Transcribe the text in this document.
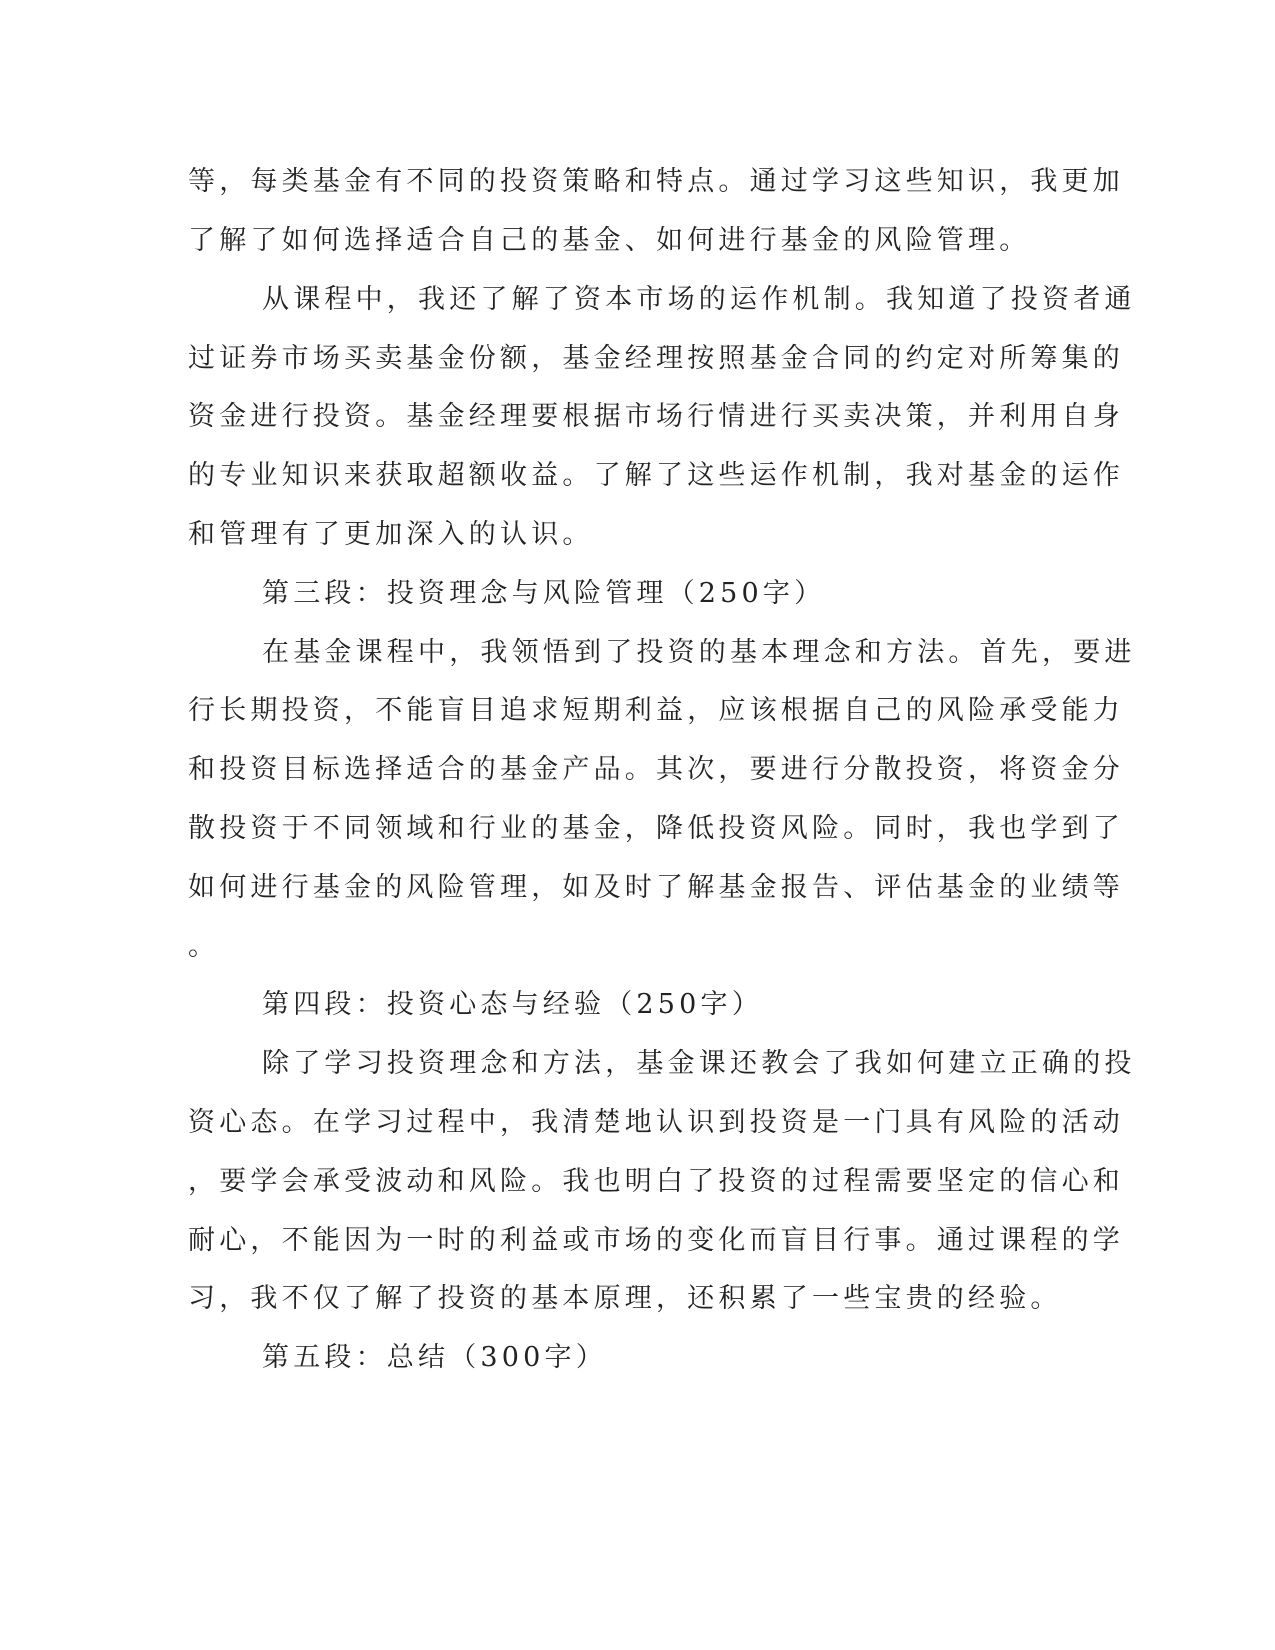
等，每类基金有不同的投资策略和特点。通过学习这些知识，我更加
了解了如何选择适合自己的基金、如何进行基金的风险管理。
从课程中，我还了解了资本市场的运作机制。我知道了投资者通
过证券市场买卖基金份额，基金经理按照基金合同的约定对所筹集的
资金进行投资。基金经理要根据市场行情进行买卖决策，并利用自身
的专业知识来获取超额收益。了解了这些运作机制，我对基金的运作
和管理有了更加深入的认识。
第三段：投资理念与风险管理（250字）
在基金课程中，我领悟到了投资的基本理念和方法。首先，要进
行长期投资，不能盲目追求短期利益，应该根据自己的风险承受能力
和投资目标选择适合的基金产品。其次，要进行分散投资，将资金分
散投资于不同领域和行业的基金，降低投资风险。同时，我也学到了
如何进行基金的风险管理，如及时了解基金报告、评估基金的业绩等
。
第四段：投资心态与经验（250字）
除了学习投资理念和方法，基金课还教会了我如何建立正确的投
资心态。在学习过程中，我清楚地认识到投资是一门具有风险的活动
，要学会承受波动和风险。我也明白了投资的过程需要坚定的信心和
耐心，不能因为一时的利益或市场的变化而盲目行事。通过课程的学
习，我不仅了解了投资的基本原理，还积累了一些宝贵的经验。
第五段：总结（300字）
